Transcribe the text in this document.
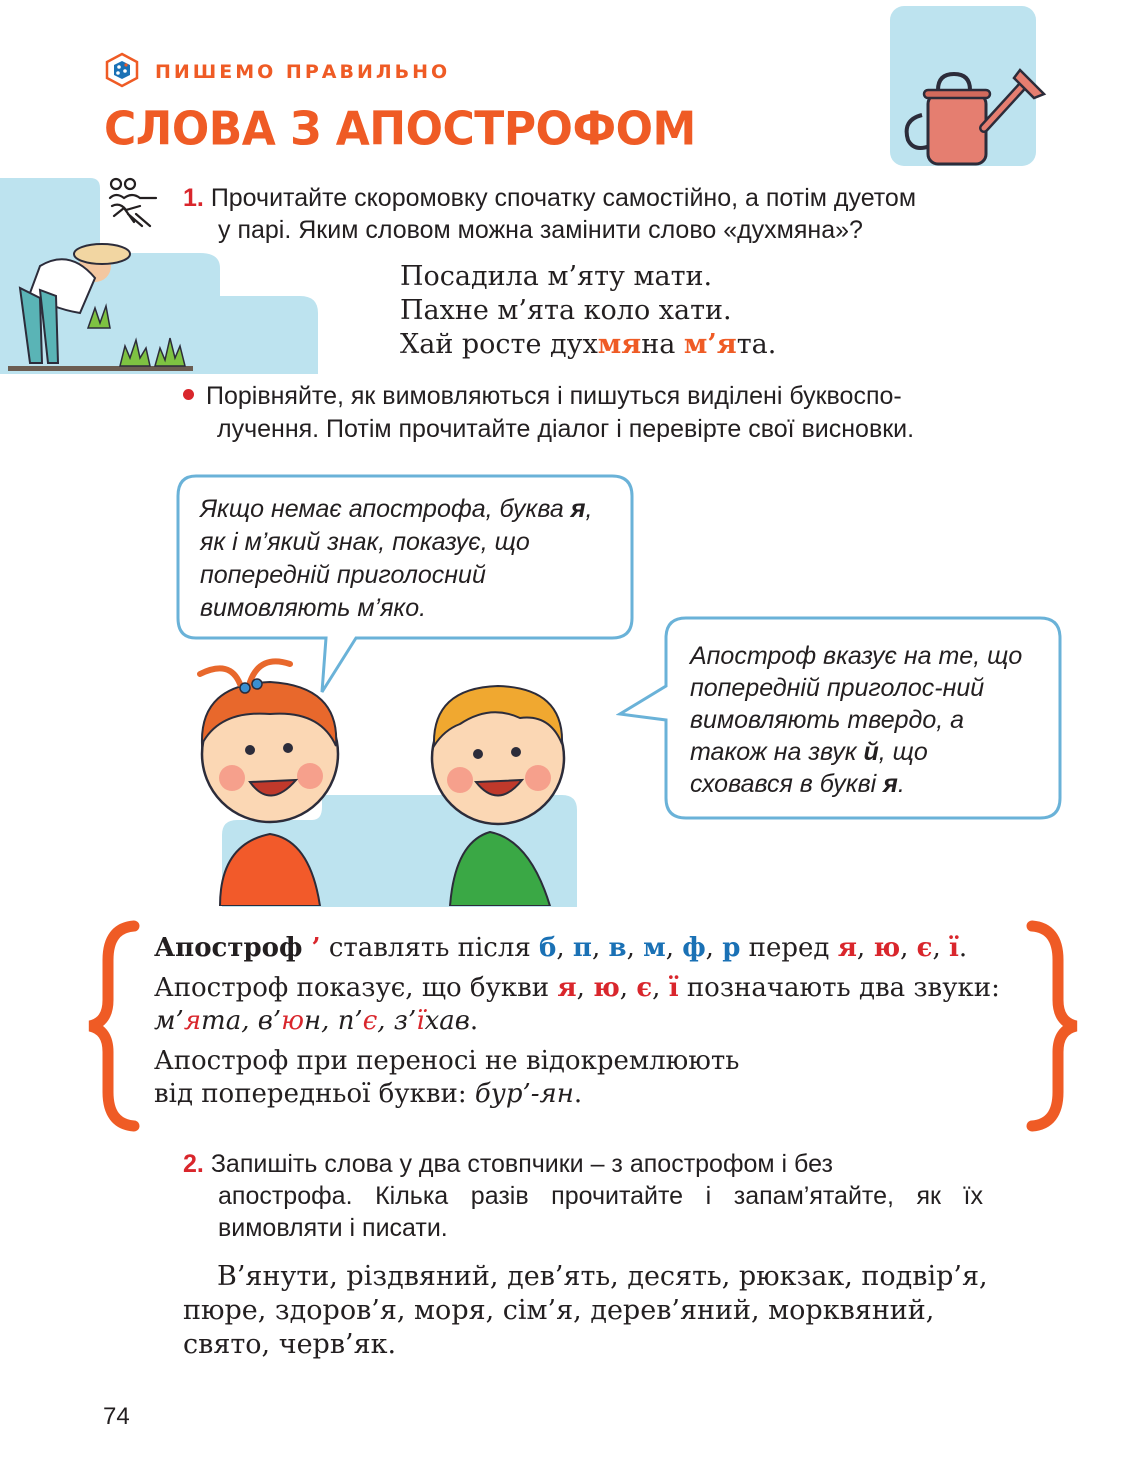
ПИШЕМО ПРАВИЛЬНО
СЛОВА З АПОСТРОФОМ
1. Прочитайте скоромовку спочатку самостійно, а потім дуетом
у парі. Яким словом можна замінити слово «духмяна»?
Посадила м’яту мати.
Пахне м’ята коло хати.
Хай росте духмяна м’ята.
Порівняйте, як вимовляються і пишуться виділені буквоспо-
лучення. Потім прочитайте діалог і перевірте свої висновки.
Якщо немає апострофа, буква я, як і м’який знак, показує, що попередній приголосний вимовляють м’яко.
Апостроф вказує на те, що попередній приголос-ний вимовляють твердо, а також на звук й, що сховався в букві я.

Апостроф ’ ставлять після б, п, в, м, ф, р перед я, ю, є, ї.

Апостроф показує, що букви я, ю, є, ї позначають два звуки: м’ята, в’юн, п’є, з’їхав.

Апостроф при переносі не відокремлюють
від попередньої букви: бур’-ян.

2. Запишіть слова у два стовпчики – з апострофом і без
апострофа. Кілька разів прочитайте і запам’ятайте, як їх вимовляти і писати.
В’янути, різдвяний, дев’ять, десять, рюкзак, подвір’я, пюре, здоров’я, моря, сім’я, дерев’яний, морквяний, свято, черв’як.
74
